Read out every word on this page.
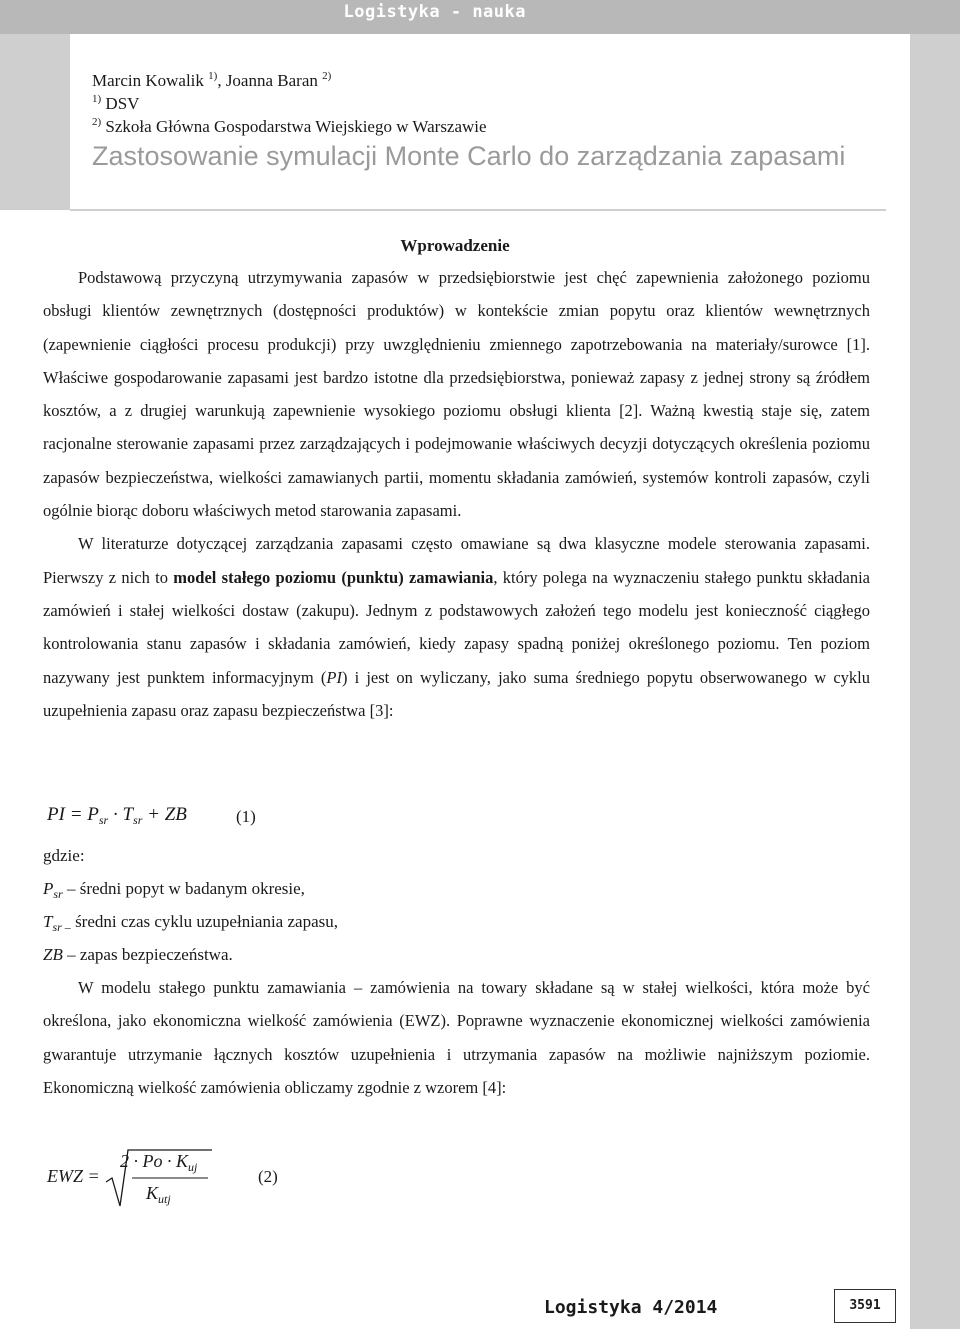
Logistyka - nauka
Marcin Kowalik $^{1)}$, Joanna Baran $^{2)}$
$^{1)}$ DSV
$^{2)}$ Szkoła Główna Gospodarstwa Wiejskiego w Warszawie
Zastosowanie symulacji Monte Carlo do zarządzania zapasami
Wprowadzenie

Podstawową przyczyną utrzymywania zapasów w przedsiębiorstwie jest chęć zapewnienia założonego poziomu obsługi klientów zewnętrznych (dostępności produktów) w kontekście zmian popytu oraz klientów wewnętrznych (zapewnienie ciągłości procesu produkcji) przy uwzględnieniu zmiennego zapotrzebowania na materiały/surowce [1]. Właściwe gospodarowanie zapasami jest bardzo istotne dla przedsiębiorstwa, ponieważ zapasy z jednej strony są źródłem kosztów, a z drugiej warunkują zapewnienie wysokiego poziomu obsługi klienta [2]. Ważną kwestią staje się, zatem racjonalne sterowanie zapasami przez zarządzających i podejmowanie właściwych decyzji dotyczących określenia poziomu zapasów bezpieczeństwa, wielkości zamawianych partii, momentu składania zamówień, systemów kontroli zapasów, czyli ogólnie biorąc doboru właściwych metod starowania zapasami.

W literaturze dotyczącej zarządzania zapasami często omawiane są dwa klasyczne modele sterowania zapasami. Pierwszy z nich to model stałego poziomu (punktu) zamawiania, który polega na wyznaczeniu stałego punktu składania zamówień i stałej wielkości dostaw (zakupu). Jednym z podstawowych założeń tego modelu jest konieczność ciągłego kontrolowania stanu zapasów i składania zamówień, kiedy zapasy spadną poniżej określonego poziomu. Ten poziom nazywany jest punktem informacyjnym (PI) i jest on wyliczany, jako suma średniego popytu obserwowanego w cyklu uzupełnienia zapasu oraz zapasu bezpieczeństwa [3]:

PI = $P_{sr} \cdot T_{sr}$ + ZB	(1)
gdzie:
$P_{sr}$ – średni popyt w badanym okresie,
$T_{sr -}$ średni czas cyklu uzupełniania zapasu,
ZB – zapas bezpieczeństwa.

W modelu stałego punktu zamawiania – zamówienia na towary składane są w stałej wielkości, która może być określona, jako ekonomiczna wielkość zamówienia (EWZ). Poprawne wyznaczenie ekonomicznej wielkości zamówienia gwarantuje utrzymanie łącznych kosztów uzupełnienia i utrzymania zapasów na możliwie najniższym poziomie. Ekonomiczną wielkość zamówienia obliczamy zgodnie z wzorem [4]:

EWZ =
$2 \cdot Po \cdot K_{uj}$
$K_{utj}$
(2)
Logistyka 4/2014	3591
